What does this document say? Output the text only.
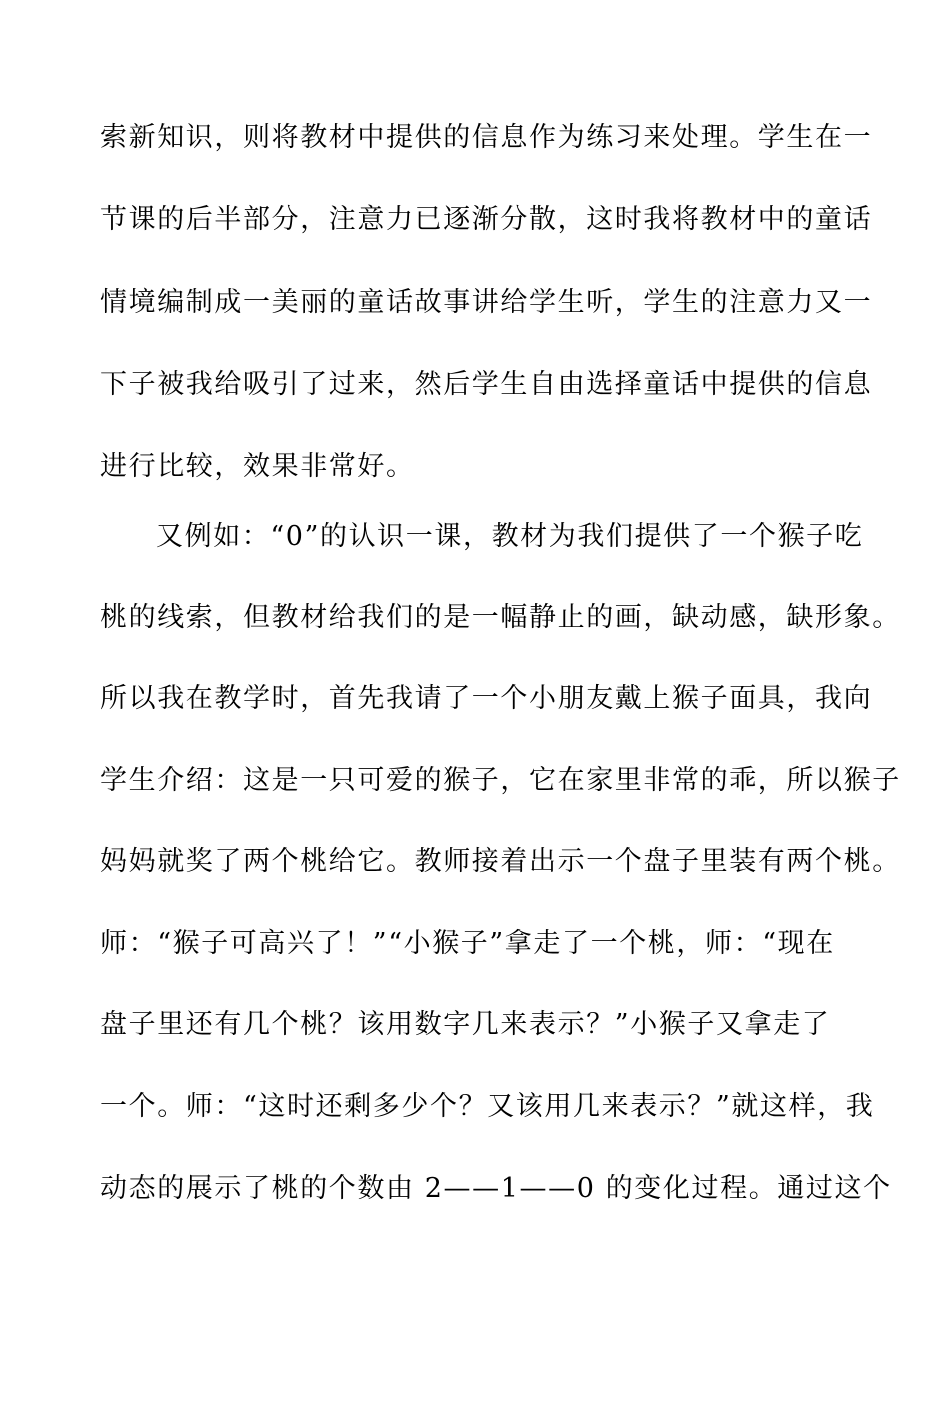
索新知识，则将教材中提供的信息作为练习来处理。学生在一
节课的后半部分，注意力已逐渐分散，这时我将教材中的童话
情境编制成一美丽的童话故事讲给学生听，学生的注意力又一
下子被我给吸引了过来，然后学生自由选择童话中提供的信息
进行比较，效果非常好。
又例如：“0”的认识一课，教材为我们提供了一个猴子吃
桃的线索，但教材给我们的是一幅静止的画，缺动感，缺形象。
所以我在教学时，首先我请了一个小朋友戴上猴子面具，我向
学生介绍：这是一只可爱的猴子，它在家里非常的乖，所以猴子
妈妈就奖了两个桃给它。教师接着出示一个盘子里装有两个桃。
师：“猴子可高兴了！”“小猴子”拿走了一个桃，师：“现在
盘子里还有几个桃？该用数字几来表示？”小猴子又拿走了
一个。师：“这时还剩多少个？又该用几来表示？”就这样，我
动态的展示了桃的个数由 2——1——0 的变化过程。通过这个
